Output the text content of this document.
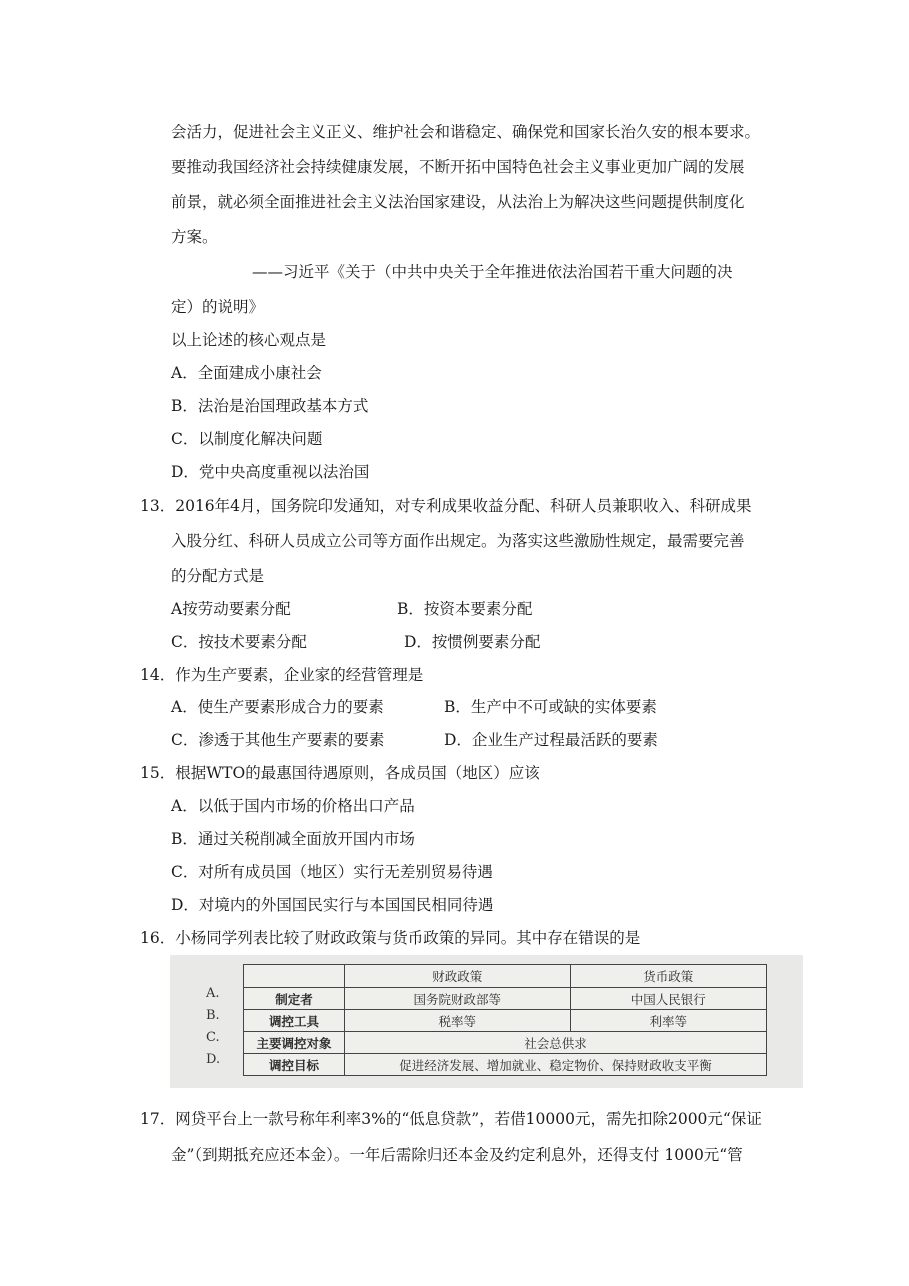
会活力，促进社会主义正义、维护社会和谐稳定、确保党和国家长治久安的根本要求。
要推动我国经济社会持续健康发展，不断开拓中国特色社会主义事业更加广阔的发展
前景，就必须全面推进社会主义法治国家建设，从法治上为解决这些问题提供制度化
方案。
——习近平《关于（中共中央关于全年推进依法治国若干重大问题的决
定）的说明》
以上论述的核心观点是
A．全面建成小康社会
B．法治是治国理政基本方式
C．以制度化解决问题
D．党中央高度重视以法治国
13．2016年4月，国务院印发通知，对专利成果收益分配、科研人员兼职收入、科研成果
入股分红、科研人员成立公司等方面作出规定。为落实这些激励性规定，最需要完善
的分配方式是
A按劳动要素分配	B．按资本要素分配
C．按技术要素分配	D．按惯例要素分配
14．作为生产要素，企业家的经营管理是
A．使生产要素形成合力的要素	B．生产中不可或缺的实体要素
C．渗透于其他生产要素的要素	D．企业生产过程最活跃的要素
15．根据WTO的最惠国待遇原则，各成员国（地区）应该
A．以低于国内市场的价格出口产品
B．通过关税削减全面放开国内市场
C．对所有成员国（地区）实行无差别贸易待遇
D．对境内的外国国民实行与本国国民相同待遇
16．小杨同学列表比较了财政政策与货币政策的异同。其中存在错误的是
A.
B.
C.
D.
	财政政策	货币政策
制定者	国务院财政部等	中国人民银行
调控工具	税率等	利率等
主要调控对象	社会总供求	
调控目标	促进经济发展、增加就业、稳定物价、保持财政收支平衡	
17．网贷平台上一款号称年利率3%的“低息贷款”，若借10000元，需先扣除2000元“保证
金”（到期抵充应还本金）。一年后需除归还本金及约定利息外，还得支付 1000元“管
